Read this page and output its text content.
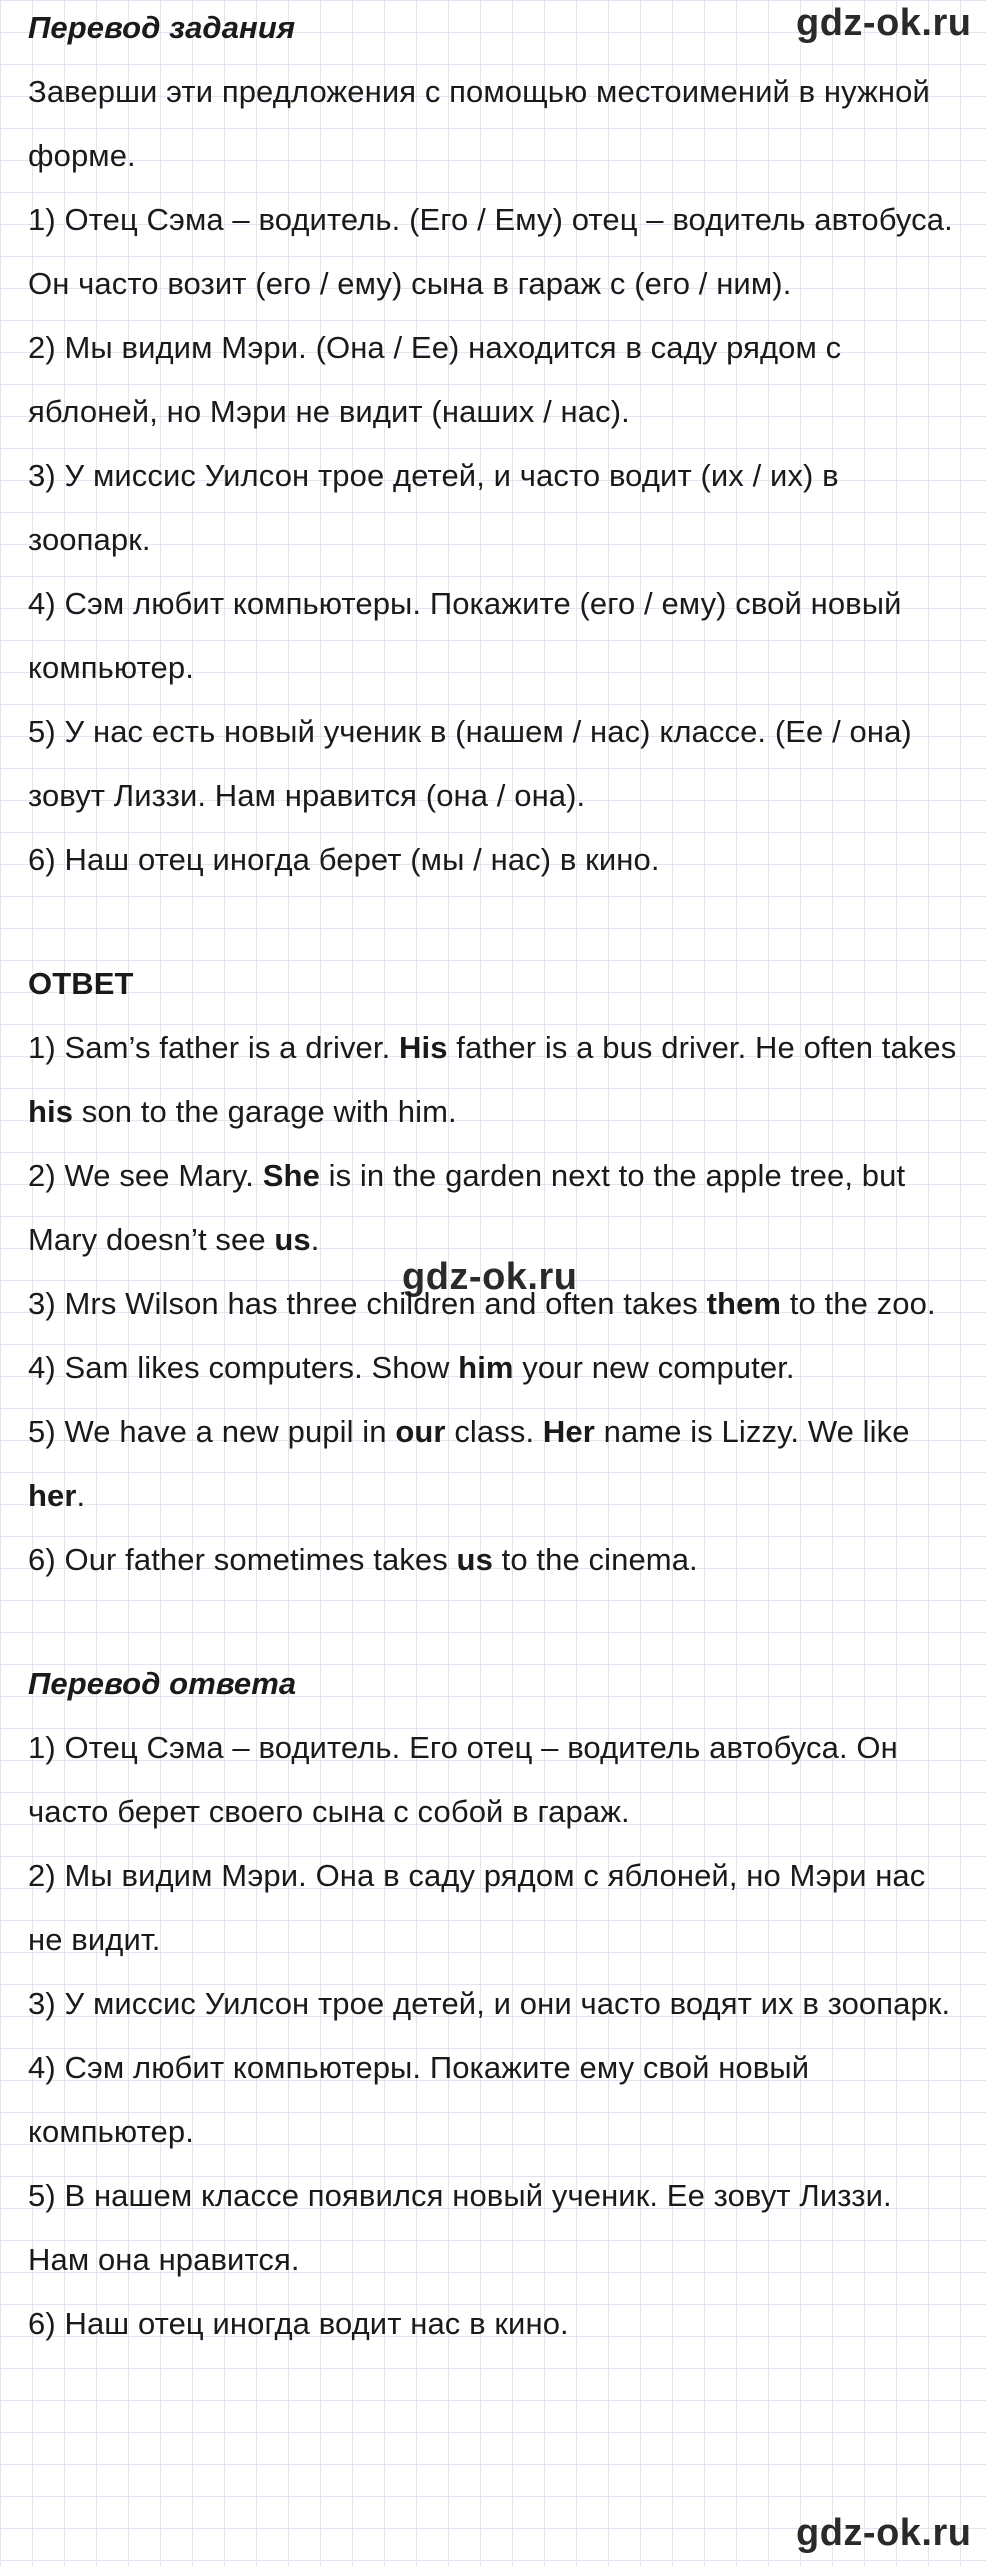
gdz-ok.ru
gdz-ok.ru
gdz-ok.ru

Перевод задания

Заверши эти предложения с помощью местоимений в нужной форме.

1) Отец Сэма – водитель. (Его / Ему) отец – водитель автобуса. Он часто возит (его / ему) сына в гараж с (его / ним).

2) Мы видим Мэри. (Она / Ее) находится в саду рядом с яблоней, но Мэри не видит (наших / нас).

3) У миссис Уилсон трое детей, и часто водит (их / их) в зоопарк.

4) Сэм любит компьютеры. Покажите (его / ему) свой новый компьютер.

5) У нас есть новый ученик в (нашем / нас) классе. (Ее / она) зовут Лиззи. Нам нравится (она / она).

6) Наш отец иногда берет (мы / нас) в кино.

ОТВЕТ

1) Sam’s father is a driver. His father is a bus driver. He often takes his son to the garage with him.

2) We see Mary. She is in the garden next to the apple tree, but Mary doesn’t see us.

3) Mrs Wilson has three children and often takes them to the zoo.

4) Sam likes computers. Show him your new computer.

5) We have a new pupil in our class. Her name is Lizzy. We like her.

6) Our father sometimes takes us to the cinema.

Перевод ответа

1) Отец Сэма – водитель. Его отец – водитель автобуса. Он часто берет своего сына с собой в гараж.

2) Мы видим Мэри. Она в саду рядом с яблоней, но Мэри нас не видит.

3) У миссис Уилсон трое детей, и они часто водят их в зоопарк.

4) Сэм любит компьютеры. Покажите ему свой новый компьютер.

5) В нашем классе появился новый ученик. Ее зовут Лиззи. Нам она нравится.

6) Наш отец иногда водит нас в кино.
